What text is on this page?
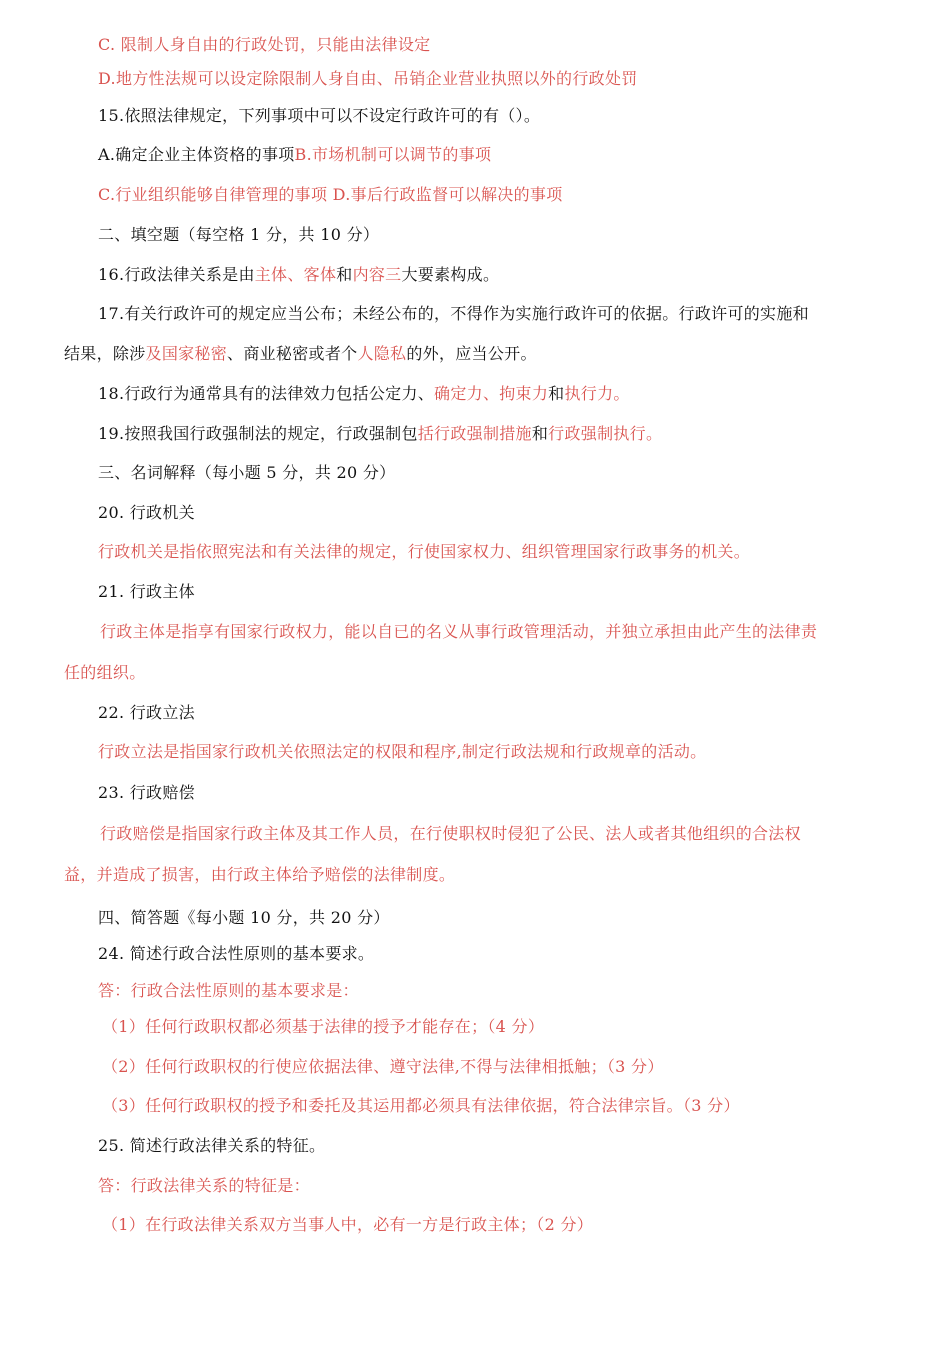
C. 限制人身自由的行政处罚，只能由法律设定
D.地方性法规可以设定除限制人身自由、吊销企业营业执照以外的行政处罚
15.依照法律规定，下列事项中可以不设定行政许可的有（）。
A.确定企业主体资格的事项B.市场机制可以调节的事项
C.行业组织能够自律管理的事项 D.事后行政监督可以解决的事项
二、填空题（每空格 1 分，共 10 分）
16.行政法律关系是由主体、客体和内容三大要素构成。
17.有关行政许可的规定应当公布；未经公布的，不得作为实施行政许可的依据。行政许可的实施和
结果，除涉及国家秘密、商业秘密或者个人隐私的外，应当公开。
18.行政行为通常具有的法律效力包括公定力、确定力、拘束力和执行力。
19.按照我国行政强制法的规定，行政强制包括行政强制措施和行政强制执行。
三、名词解释（每小题 5 分，共 20 分）
20. 行政机关
行政机关是指依照宪法和有关法律的规定，行使国家权力、组织管理国家行政事务的机关。
21. 行政主体
行政主体是指享有国家行政权力，能以自已的名义从事行政管理活动，并独立承担由此产生的法律责
任的组织。
22. 行政立法
行政立法是指国家行政机关依照法定的权限和程序,制定行政法规和行政规章的活动。
23. 行政赔偿
行政赔偿是指国家行政主体及其工作人员，在行使职权时侵犯了公民、法人或者其他组织的合法权
益，并造成了损害，由行政主体给予赔偿的法律制度。
四、简答题《每小题 10 分，共 20 分）
24. 简述行政合法性原则的基本要求。
答：行政合法性原则的基本要求是：
（1）任何行政职权都必须基于法律的授予才能存在；（4 分）
（2）任何行政职权的行使应依据法律、遵守法律,不得与法律相抵触；（3 分）
（3）任何行政职权的授予和委托及其运用都必须具有法律依据，符合法律宗旨。（3 分）
25. 简述行政法律关系的特征。
答：行政法律关系的特征是：
（1）在行政法律关系双方当事人中，必有一方是行政主体；（2 分）
